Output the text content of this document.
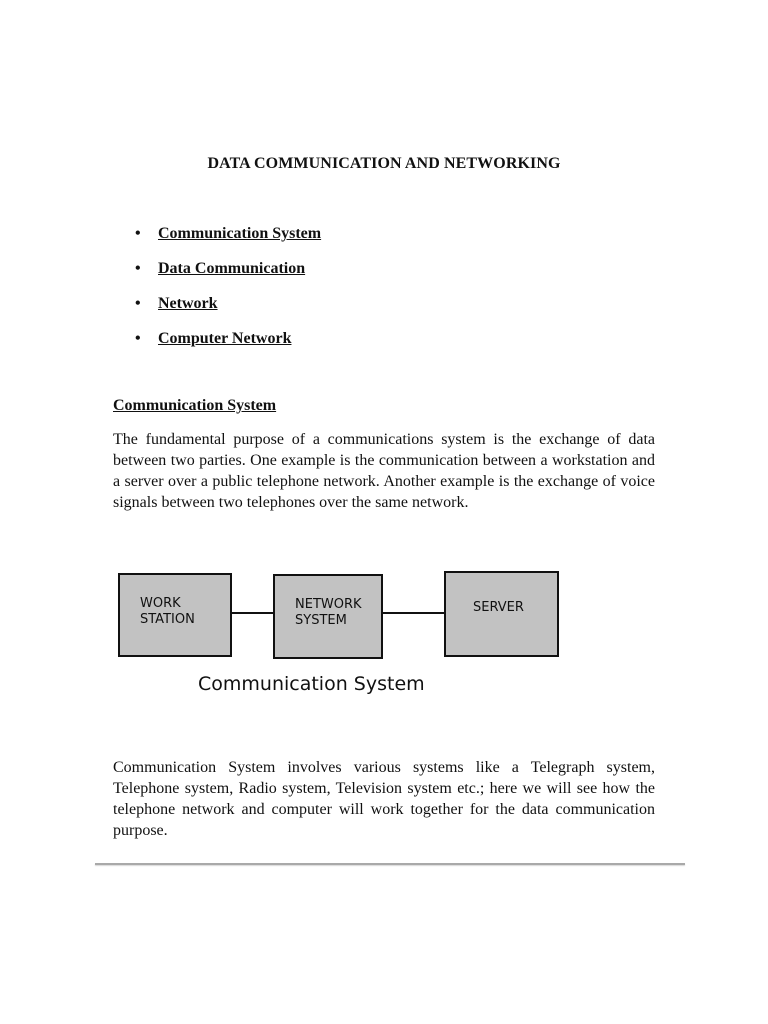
DATA COMMUNICATION AND NETWORKING
•	Communication System
•	Data Communication
•	Network
•	Computer Network
Communication System

The fundamental purpose of a communications system is the exchange of data between two parties. One example is the communication between a workstation and a server over a public telephone network. Another example is the exchange of voice signals between two telephones over the same network.

WORK
STATION
NETWORK
SYSTEM
SERVER
Communication System

Communication System involves various systems like a Telegraph system, Telephone system, Radio system, Television system etc.; here we will see how the telephone network and computer will work together for the data communication purpose.
